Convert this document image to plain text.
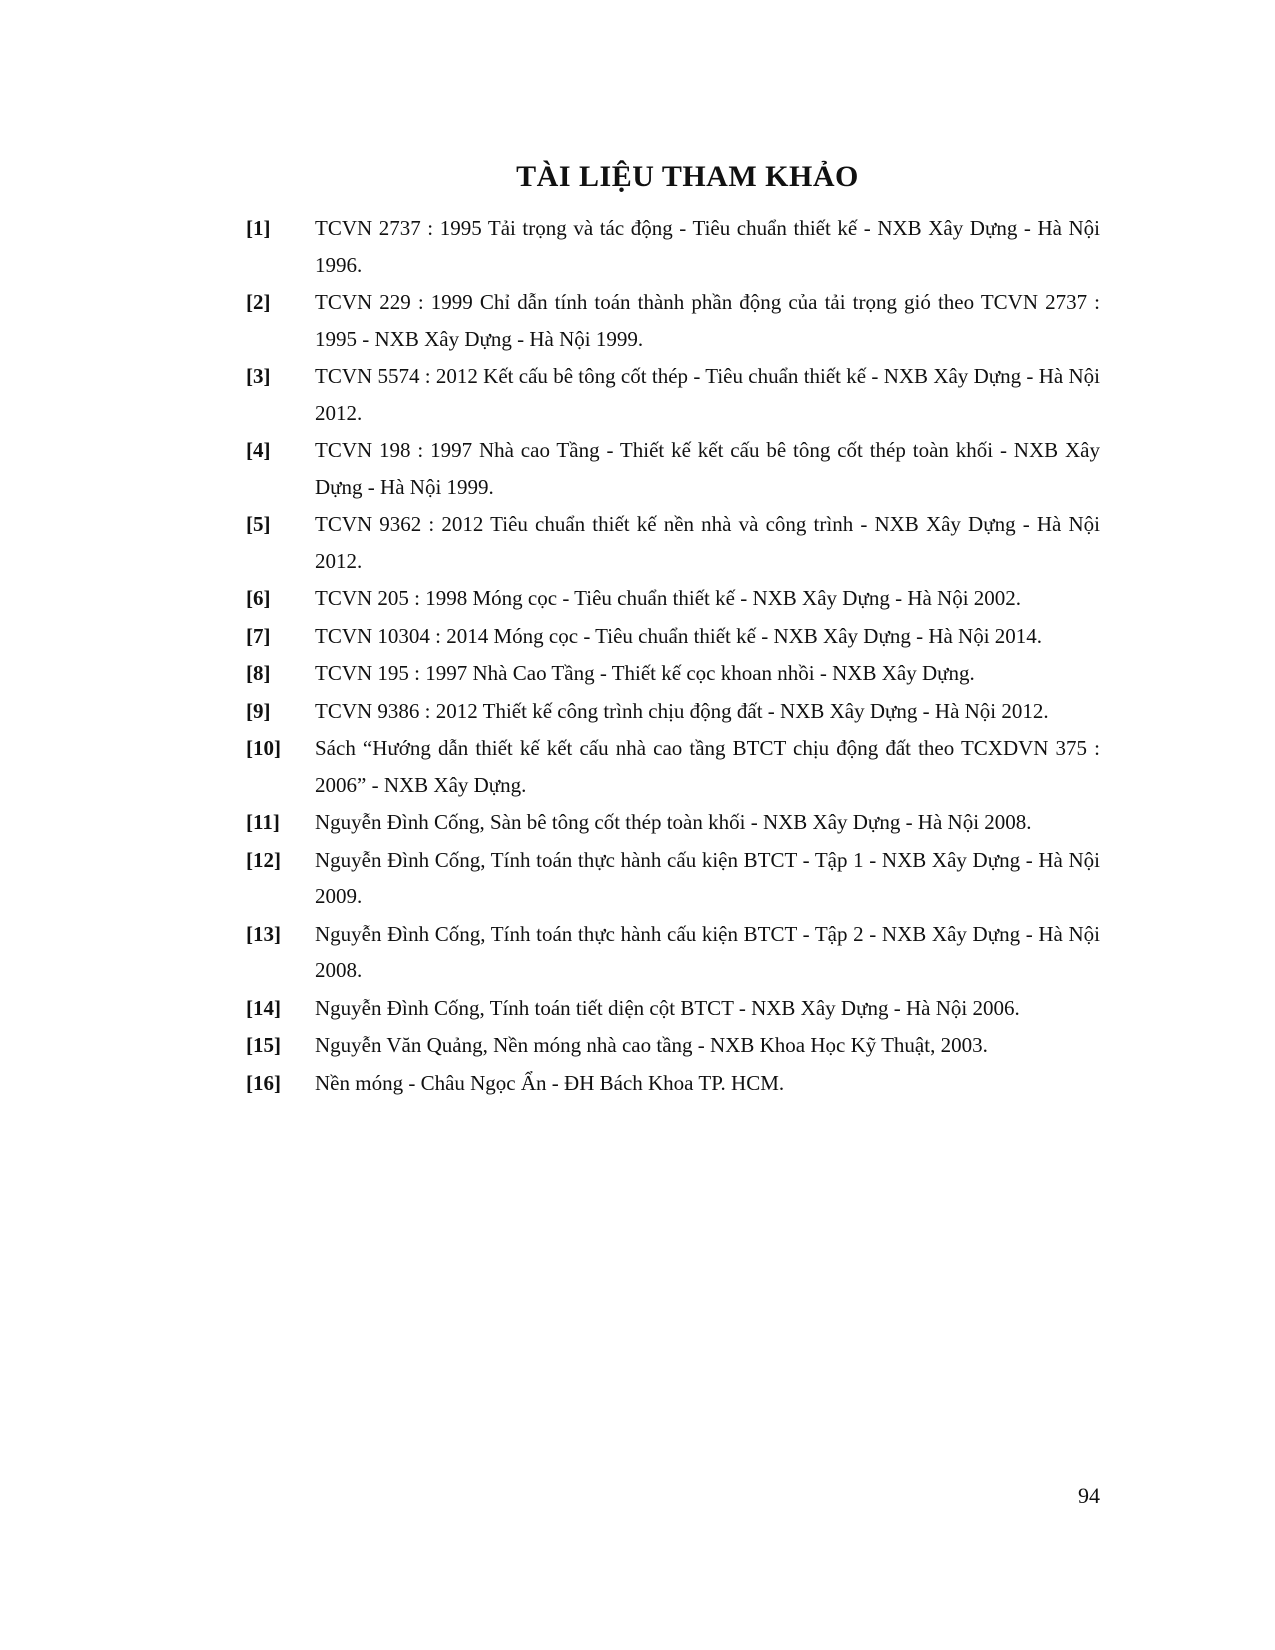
TÀI LIỆU THAM KHẢO
[1]	TCVN 2737 : 1995 Tải trọng và tác động - Tiêu chuẩn thiết kế - NXB Xây Dựng - Hà Nội 1996.
[2]	TCVN 229 : 1999 Chỉ dẫn tính toán thành phần động của tải trọng gió theo TCVN 2737 : 1995 - NXB Xây Dựng - Hà Nội 1999.
[3]	TCVN 5574 : 2012 Kết cấu bê tông cốt thép - Tiêu chuẩn thiết kế - NXB Xây Dựng - Hà Nội 2012.
[4]	TCVN 198 : 1997 Nhà cao Tầng - Thiết kế kết cấu bê tông cốt thép toàn khối - NXB Xây Dựng - Hà Nội 1999.
[5]	TCVN 9362 : 2012 Tiêu chuẩn thiết kế nền nhà và công trình - NXB Xây Dựng - Hà Nội 2012.
[6]	TCVN 205 : 1998 Móng cọc - Tiêu chuẩn thiết kế - NXB Xây Dựng - Hà Nội 2002.
[7]	TCVN 10304 : 2014 Móng cọc - Tiêu chuẩn thiết kế - NXB Xây Dựng - Hà Nội 2014.
[8]	TCVN 195 : 1997 Nhà Cao Tầng - Thiết kế cọc khoan nhồi - NXB Xây Dựng.
[9]	TCVN 9386 : 2012 Thiết kế công trình chịu động đất - NXB Xây Dựng - Hà Nội 2012.
[10]	Sách “Hướng dẫn thiết kế kết cấu nhà cao tầng BTCT chịu động đất theo TCXDVN 375 : 2006” - NXB Xây Dựng.
[11]	Nguyễn Đình Cống, Sàn bê tông cốt thép toàn khối - NXB Xây Dựng - Hà Nội 2008.
[12]	Nguyễn Đình Cống, Tính toán thực hành cấu kiện BTCT - Tập 1 - NXB Xây Dựng - Hà Nội 2009.
[13]	Nguyễn Đình Cống, Tính toán thực hành cấu kiện BTCT - Tập 2 - NXB Xây Dựng - Hà Nội 2008.
[14]	Nguyễn Đình Cống, Tính toán tiết diện cột BTCT - NXB Xây Dựng - Hà Nội 2006.
[15]	Nguyễn Văn Quảng, Nền móng nhà cao tầng - NXB Khoa Học Kỹ Thuật, 2003.
[16]	Nền móng - Châu Ngọc Ẩn - ĐH Bách Khoa TP. HCM.
94
